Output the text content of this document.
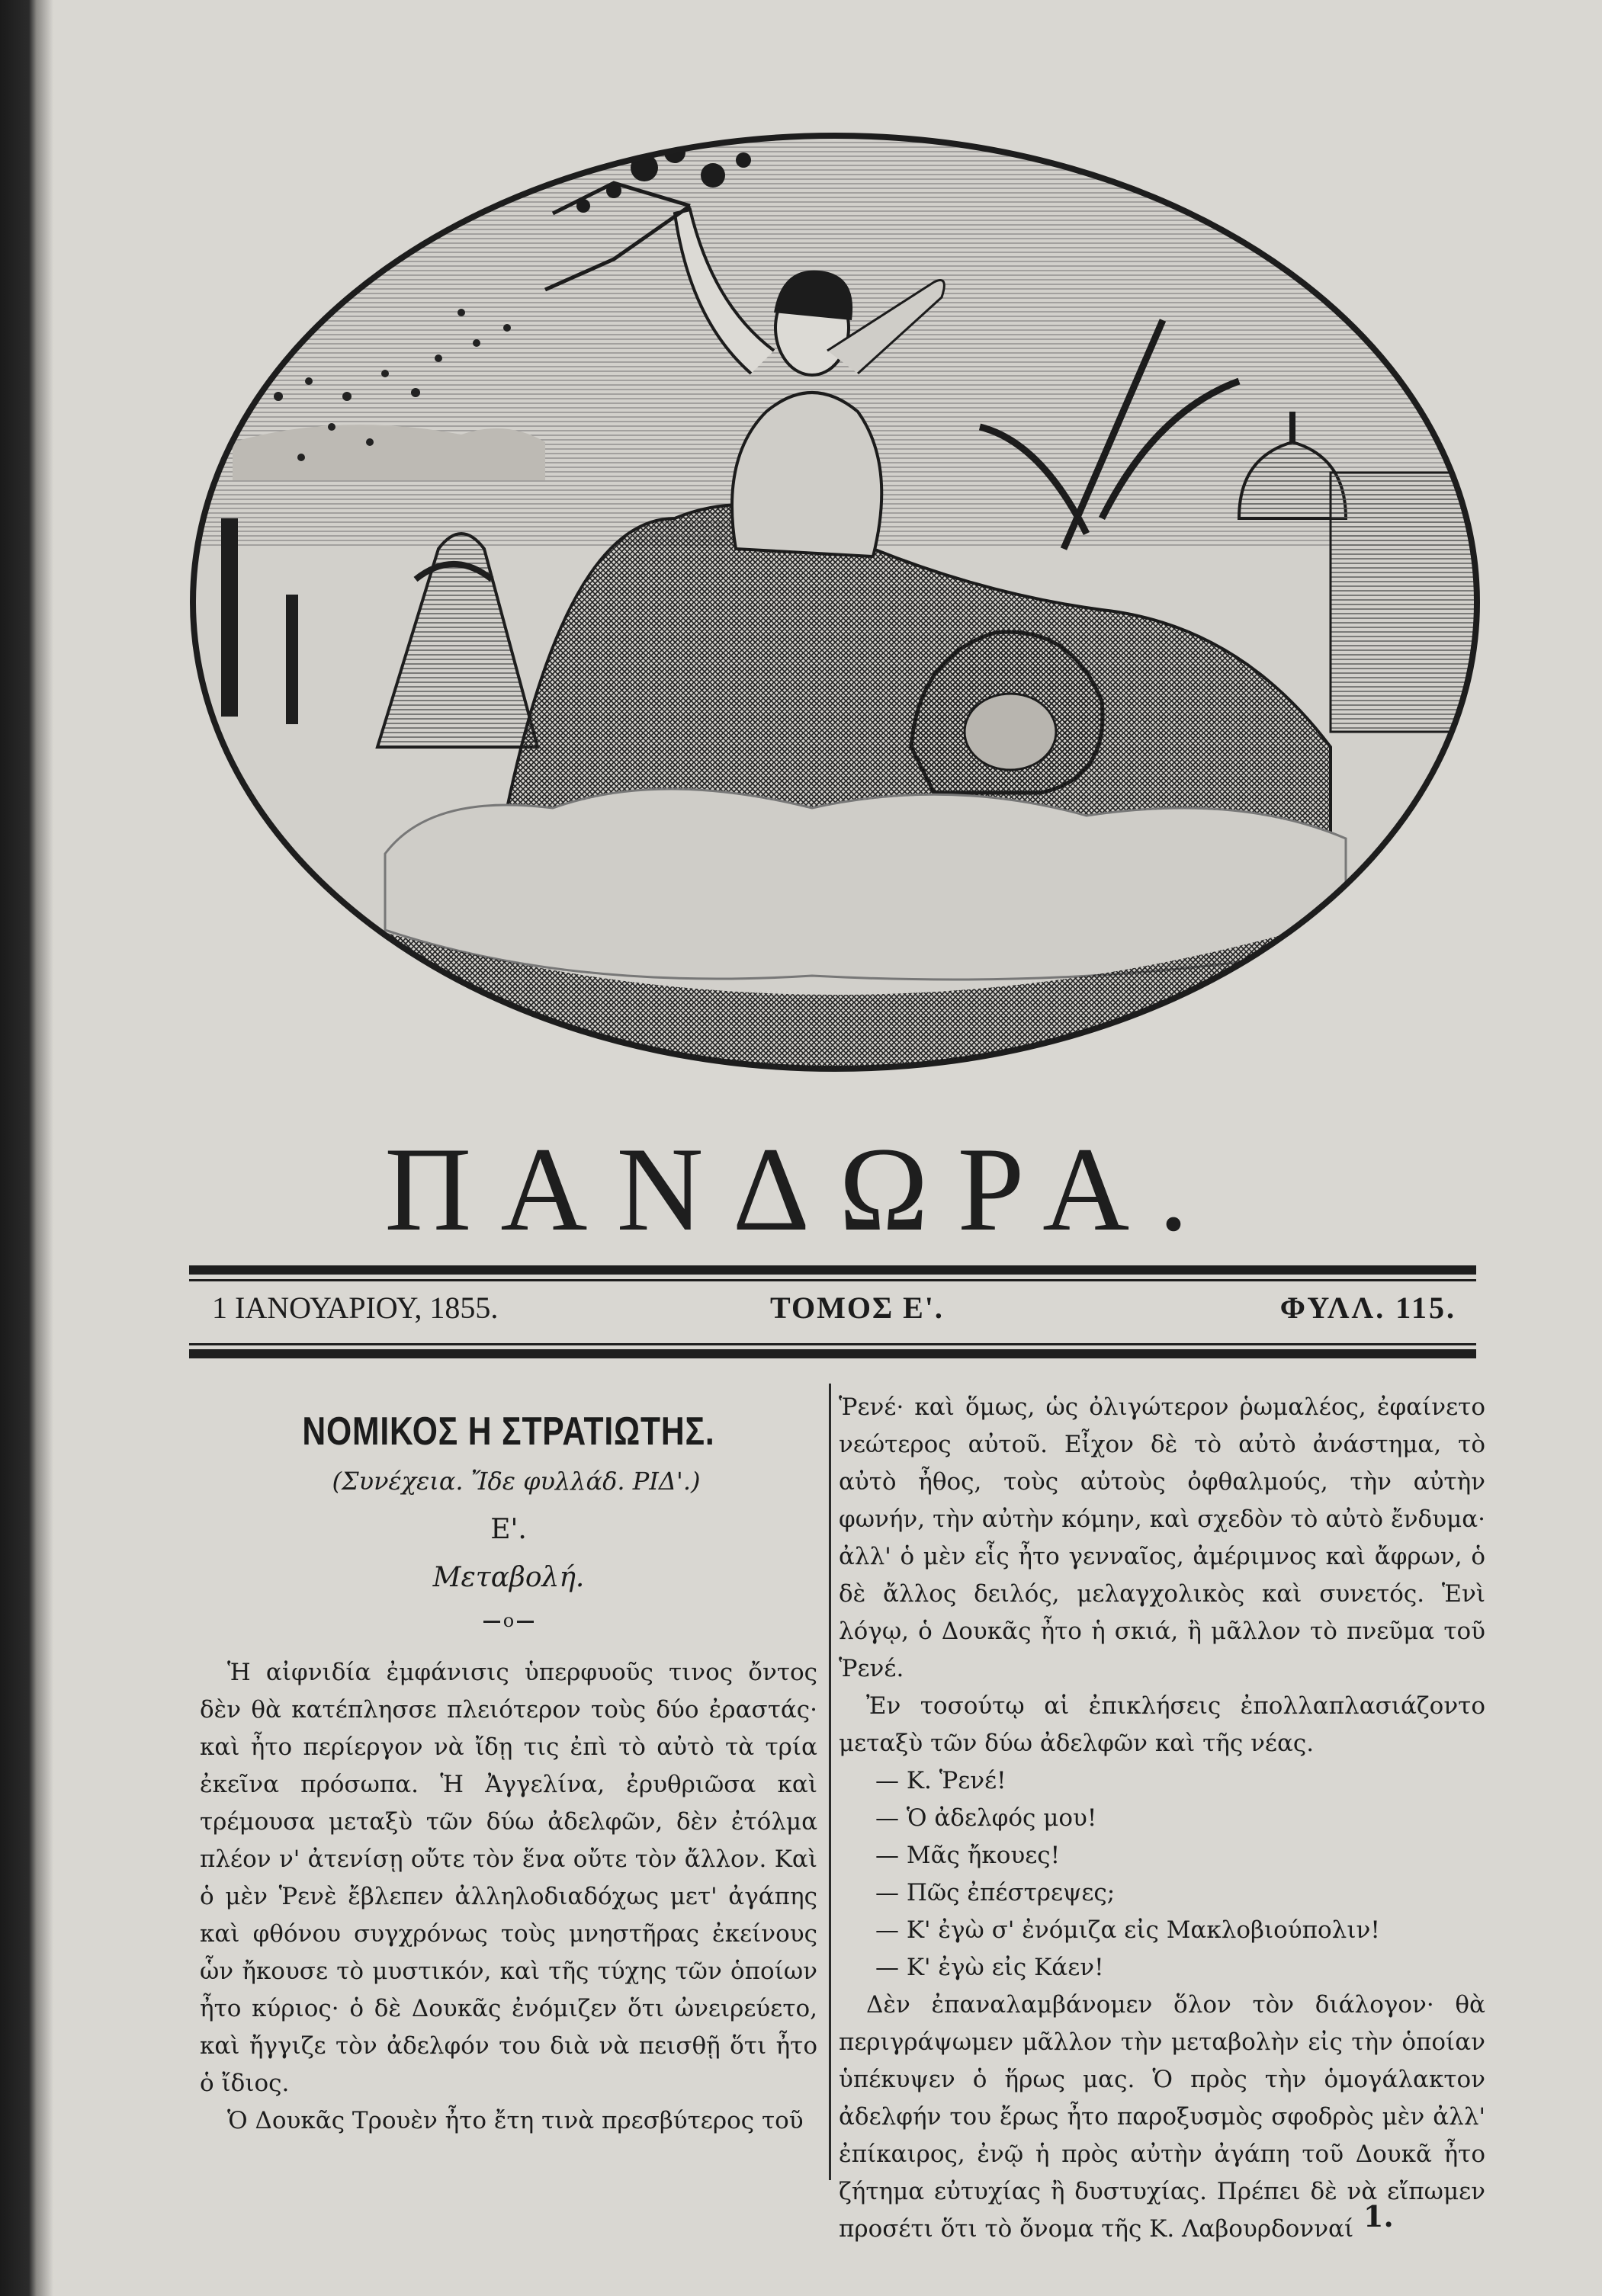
ΠΑΝΔΩΡΑ.
1 ΙΑΝΟΥΑΡΙΟΥ, 1855.	ΤΟΜΟΣ Ε'.	ΦΥΛΛ. 115.
ΝΟΜΙΚΟΣ Η ΣΤΡΑΤΙΩΤΗΣ.
(Συνέχεια. Ἴδε φυλλάδ. ΡΙΔ'.)
Ε'.
Μεταβολή.
o

Ἡ αἰφνιδία ἐμφάνισις ὑπερφυοῦς τινος ὄντος δὲν θὰ κατέπλησσε πλειότερον τοὺς δύο ἐραστάς· καὶ ἦτο περίεργον νὰ ἴδῃ τις ἐπὶ τὸ αὐτὸ τὰ τρία ἐκεῖνα πρόσωπα. Ἡ Ἀγγελίνα, ἐρυθριῶσα καὶ τρέμουσα μεταξὺ τῶν δύω ἀδελφῶν, δὲν ἐτόλμα πλέον ν' ἀτενίσῃ οὔτε τὸν ἕνα οὔτε τὸν ἄλλον. Καὶ ὁ μὲν Ῥενὲ ἔβλεπεν ἀλληλοδιαδόχως μετ' ἀγάπης καὶ φθόνου συγχρόνως τοὺς μνηστῆρας ἐκείνους ὧν ἤκουσε τὸ μυστικόν, καὶ τῆς τύχης τῶν ὁποίων ἦτο κύριος· ὁ δὲ Δουκᾶς ἐνόμιζεν ὅτι ὠνειρεύετο, καὶ ἤγγιζε τὸν ἀδελφόν του διὰ νὰ πεισθῇ ὅτι ἦτο ὁ ἴδιος.

Ὁ Δουκᾶς Τρουὲν ἦτο ἔτη τινὰ πρεσβύτερος τοῦ

Ῥενέ· καὶ ὅμως, ὡς ὀλιγώτερον ῥωμαλέος, ἐφαίνετο νεώτερος αὐτοῦ. Εἶχον δὲ τὸ αὐτὸ ἀνάστημα, τὸ αὐτὸ ἦθος, τοὺς αὐτοὺς ὀφθαλμούς, τὴν αὐτὴν φωνήν, τὴν αὐτὴν κόμην, καὶ σχεδὸν τὸ αὐτὸ ἔνδυμα· ἀλλ' ὁ μὲν εἷς ἦτο γενναῖος, ἀμέριμνος καὶ ἄφρων, ὁ δὲ ἄλλος δειλός, μελαγχολικὸς καὶ συνετός. Ἑνὶ λόγῳ, ὁ Δουκᾶς ἦτο ἡ σκιά, ἢ μᾶλλον τὸ πνεῦμα τοῦ Ῥενέ.

Ἐν τοσούτῳ αἱ ἐπικλήσεις ἐπολλαπλασιάζοντο μεταξὺ τῶν δύω ἀδελφῶν καὶ τῆς νέας.

— Κ. Ῥενέ!
— Ὁ ἀδελφός μου!
— Μᾶς ἤκουες!
— Πῶς ἐπέστρεψες;
— Κ' ἐγὼ σ' ἐνόμιζα εἰς Μακλοβιούπολιν!
— Κ' ἐγὼ εἰς Κάεν!

Δὲν ἐπαναλαμβάνομεν ὅλον τὸν διάλογον· θὰ περιγράψωμεν μᾶλλον τὴν μεταβολὴν εἰς τὴν ὁποίαν ὑπέκυψεν ὁ ἥρως μας. Ὁ πρὸς τὴν ὁμογάλακτον ἀδελφήν του ἔρως ἦτο παροξυσμὸς σφοδρὸς μὲν ἀλλ' ἐπίκαιρος, ἐνῷ ἡ πρὸς αὐτὴν ἀγάπη τοῦ Δουκᾶ ἦτο ζήτημα εὐτυχίας ἢ δυστυχίας. Πρέπει δὲ νὰ εἴπωμεν προσέτι ὅτι τὸ ὄνομα τῆς Κ. Λαβουρδονναί 1.
